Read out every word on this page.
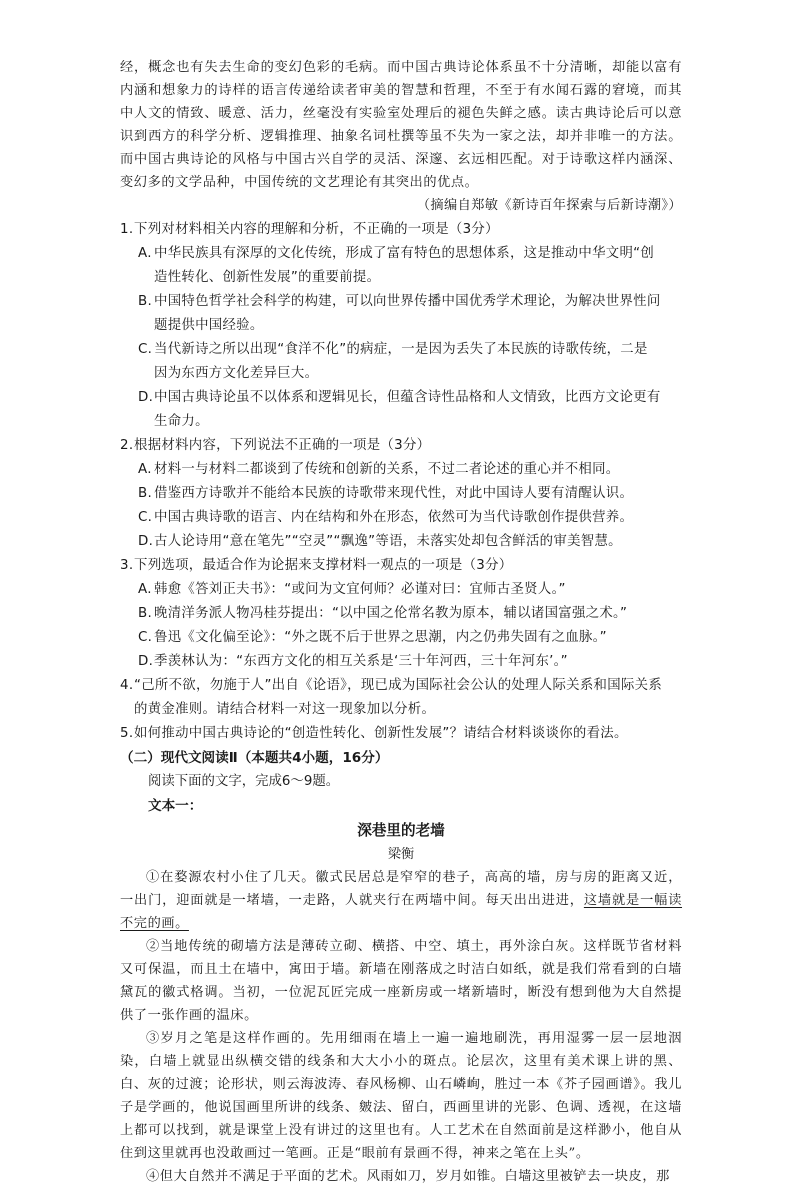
经，概念也有失去生命的变幻色彩的毛病。而中国古典诗论体系虽不十分清晰，却能以富有内涵和想象力的诗样的语言传递给读者审美的智慧和哲理，不至于有水闻石露的窘境，而其中人文的情致、暖意、活力，丝毫没有实验室处理后的褪色失鲜之感。读古典诗论后可以意识到西方的科学分析、逻辑推理、抽象名词杜撰等虽不失为一家之法，却并非唯一的方法。而中国古典诗论的风格与中国古兴自学的灵活、深邃、玄远相匹配。对于诗歌这样内涵深、变幻多的文学品种，中国传统的文艺理论有其突出的优点。

（摘编自郑敏《新诗百年探索与后新诗潮》）

1.下列对材料相关内容的理解和分析，不正确的一项是（3分）

A. 中华民族具有深厚的文化传统，形成了富有特色的思想体系，这是推动中华文明“创
造性转化、创新性发展”的重要前提。

B. 中国特色哲学社会科学的构建，可以向世界传播中国优秀学术理论，为解决世界性问
题提供中国经验。

C. 当代新诗之所以出现“食洋不化”的病症，一是因为丢失了本民族的诗歌传统，二是
因为东西方文化差异巨大。

D.中国古典诗论虽不以体系和逻辑见长，但蕴含诗性品格和人文情致，比西方文论更有
生命力。

2.根据材料内容，下列说法不正确的一项是（3分）

A. 材料一与材料二都谈到了传统和创新的关系，不过二者论述的重心并不相同。

B. 借鉴西方诗歌并不能给本民族的诗歌带来现代性，对此中国诗人要有清醒认识。

C. 中国古典诗歌的语言、内在结构和外在形态，依然可为当代诗歌创作提供营养。

D.古人论诗用“意在笔先”“空灵”“飘逸”等语，未落实处却包含鲜活的审美智慧。

3.下列选项，最适合作为论据来支撑材料一观点的一项是（3分）

A. 韩愈《答刘正夫书》：“或问为文宜何师？必谨对曰：宜师古圣贤人。”

B. 晚清洋务派人物冯桂芬提出：“以中国之伦常名教为原本，辅以诸国富强之术。”

C. 鲁迅《文化偏至论》：“外之既不后于世界之思潮，内之仍弗失固有之血脉。”

D.季羡林认为：“东西方文化的相互关系是‘三十年河西，三十年河东’。”

4.“己所不欲，勿施于人”出自《论语》，现已成为国际社会公认的处理人际关系和国际关系
的黄金准则。请结合材料一对这一现象加以分析。

5.如何推动中国古典诗论的“创造性转化、创新性发展”？请结合材料谈谈你的看法。

（二）现代文阅读Ⅱ（本题共4小题，16分）

阅读下面的文字，完成6～9题。

文本一：

深巷里的老墙

梁衡

①在婺源农村小住了几天。徽式民居总是窄窄的巷子，高高的墙，房与房的距离又近，一出门，迎面就是一堵墙，一走路，人就夹行在两墙中间。每天出出进进，这墙就是一幅读不完的画。

②当地传统的砌墙方法是薄砖立砌、横搭、中空、填土，再外涂白灰。这样既节省材料又可保温，而且土在墙中，寓田于墙。新墙在刚落成之时洁白如纸，就是我们常看到的白墙黛瓦的徽式格调。当初，一位泥瓦匠完成一座新房或一堵新墙时，断没有想到他为大自然提供了一张作画的温床。

③岁月之笔是这样作画的。先用细雨在墙上一遍一遍地刷洗，再用湿雾一层一层地洇染，白墙上就显出纵横交错的线条和大大小小的斑点。论层次，这里有美术课上讲的黑、白、灰的过渡；论形状，则云海波涛、春风杨柳、山石嶙峋，胜过一本《芥子园画谱》。我儿子是学画的，他说国画里所讲的线条、皴法、留白，西画里讲的光影、色调、透视，在这墙上都可以找到，就是课堂上没有讲过的这里也有。人工艺术在自然面前是这样渺小，他自从住到这里就再也没敢画过一笔画。正是“眼前有景画不得，神来之笔在上头”。

④但大自然并不满足于平面的艺术。风雨如刀，岁月如锥。白墙这里被铲去一块皮，那
